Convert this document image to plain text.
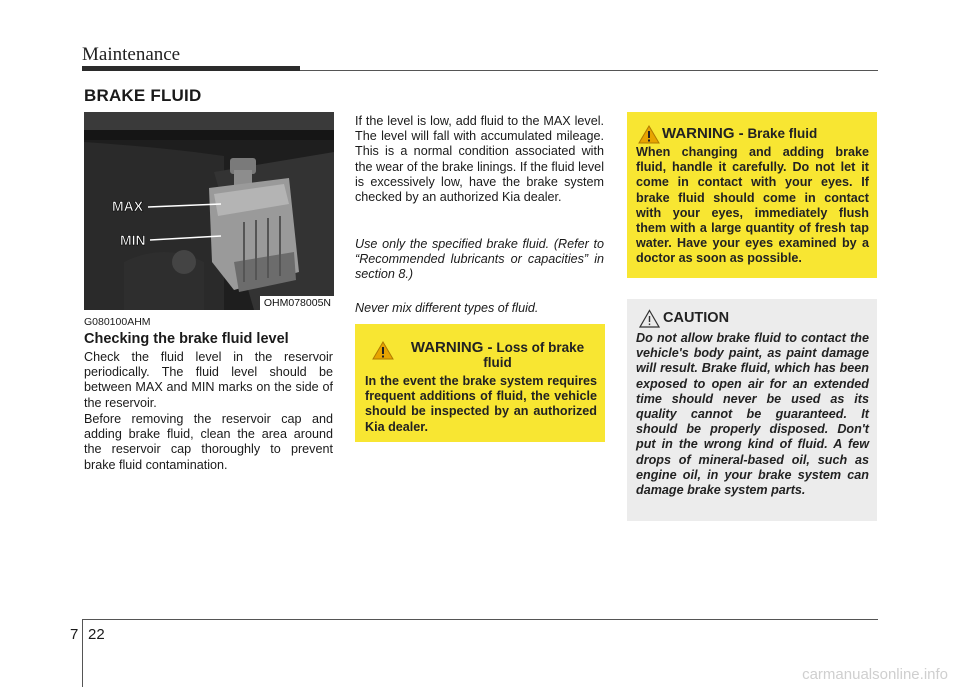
Maintenance
BRAKE FLUID
MAX
MIN
OHM078005N
G080100AHM
Checking the brake fluid level
Check the fluid level in the reservoir periodically. The fluid level should be between MAX and MIN marks on the side of the reservoir.
Before removing the reservoir cap and adding brake fluid, clean the area around the reservoir cap thoroughly to prevent brake fluid contamination.
If the level is low, add fluid to the MAX level. The level will fall with accumulated mileage. This is a normal condition associated with the wear of the brake linings. If the fluid level is excessively low, have the brake system checked by an authorized Kia dealer.
Use only the specified brake fluid. (Refer to “Recommended lubricants or capacities” in section 8.)
Never mix different types of fluid.
WARNING - Loss of brake fluid
In the event the brake system requires frequent additions of fluid, the vehicle should be inspected by an authorized Kia dealer.
WARNING - Brake fluid
When changing and adding brake fluid, handle it carefully. Do not let it come in contact with your eyes. If brake fluid should come in contact with your eyes, immediately flush them with a large quantity of fresh tap water. Have your eyes examined by a doctor as soon as possible.
CAUTION
Do not allow brake fluid to contact the vehicle's body paint, as paint damage will result. Brake fluid, which has been exposed to open air for an extended time should never be used as its quality cannot be guaranteed. It should be properly disposed. Don't put in the wrong kind of fluid. A few drops of mineral-based oil, such as engine oil, in your brake system can damage brake system parts.
7 22
carmanualsonline.info
